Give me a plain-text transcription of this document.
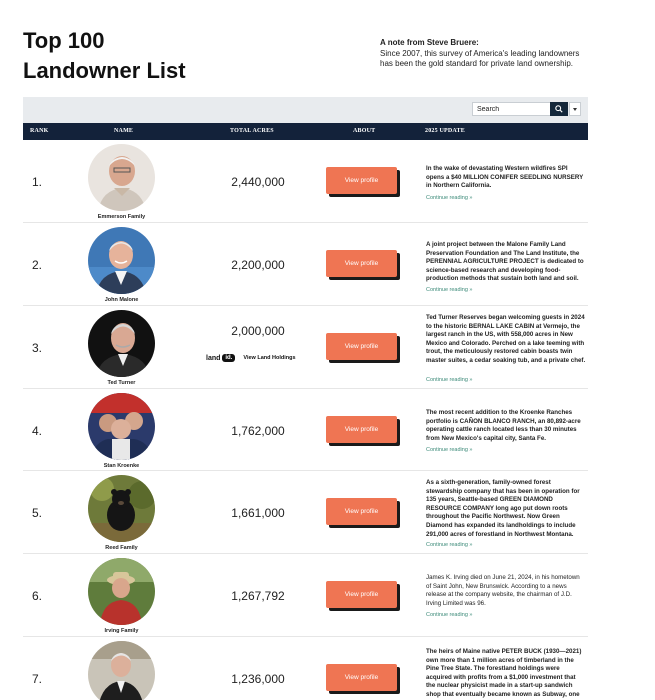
Top 100
Landowner List
A note from Steve Bruere:
Since 2007, this survey of America's leading landowners has been the gold standard for private land ownership.
Search
RANK	NAME	TOTAL ACRES	ABOUT	2025 UPDATE
1.
Emmerson Family
2,440,000	View profile
In the wake of devastating Western wildfires SPI opens a $40 MILLION CONIFER SEEDLING NURSERY in Northern California.
Continue reading »
2.
John Malone
2,200,000	View profile
A joint project between the Malone Family Land Preservation Foundation and The Land Institute, the PERENNIAL AGRICULTURE PROJECT is dedicated to science-based research and developing food-production methods that sustain both land and soil.
Continue reading »
3.
Ted Turner
2,000,000
land id.	View Land Holdings
View profile
Ted Turner Reserves began welcoming guests in 2024 to the historic BERNAL LAKE CABIN at Vermejo, the largest ranch in the US, with 558,000 acres in New Mexico and Colorado. Perched on a lake teeming with trout, the meticulously restored cabin boasts twin master suites, a cedar soaking tub, and a private chef.
Continue reading »
4.
Stan Kroenke
1,762,000	View profile
The most recent addition to the Kroenke Ranches portfolio is CAÑON BLANCO RANCH, an 80,892-acre operating cattle ranch located less than 30 minutes from New Mexico's capital city, Santa Fe.
Continue reading »
5.
Reed Family
1,661,000	View profile
As a sixth-generation, family-owned forest stewardship company that has been in operation for 135 years, Seattle-based GREEN DIAMOND RESOURCE COMPANY long ago put down roots throughout the Pacific Northwest. Now Green Diamond has expanded its landholdings to include 291,000 acres of forestland in Northwest Montana.
Continue reading »
6.
Irving Family
1,267,792	View profile
James K. Irving died on June 21, 2024, in his hometown of Saint John, New Brunswick. According to a news release at the company website, the chairman of J.D. Irving Limited was 96.
Continue reading »
7.	1,236,000	View profile
The heirs of Maine native PETER BUCK (1930—2021) own more than 1 million acres of timberland in the Pine Tree State. The forestland holdings were acquired with profits from a $1,000 investment that the nuclear physicist made in a start-up sandwich shop that eventually became known as Subway, one
